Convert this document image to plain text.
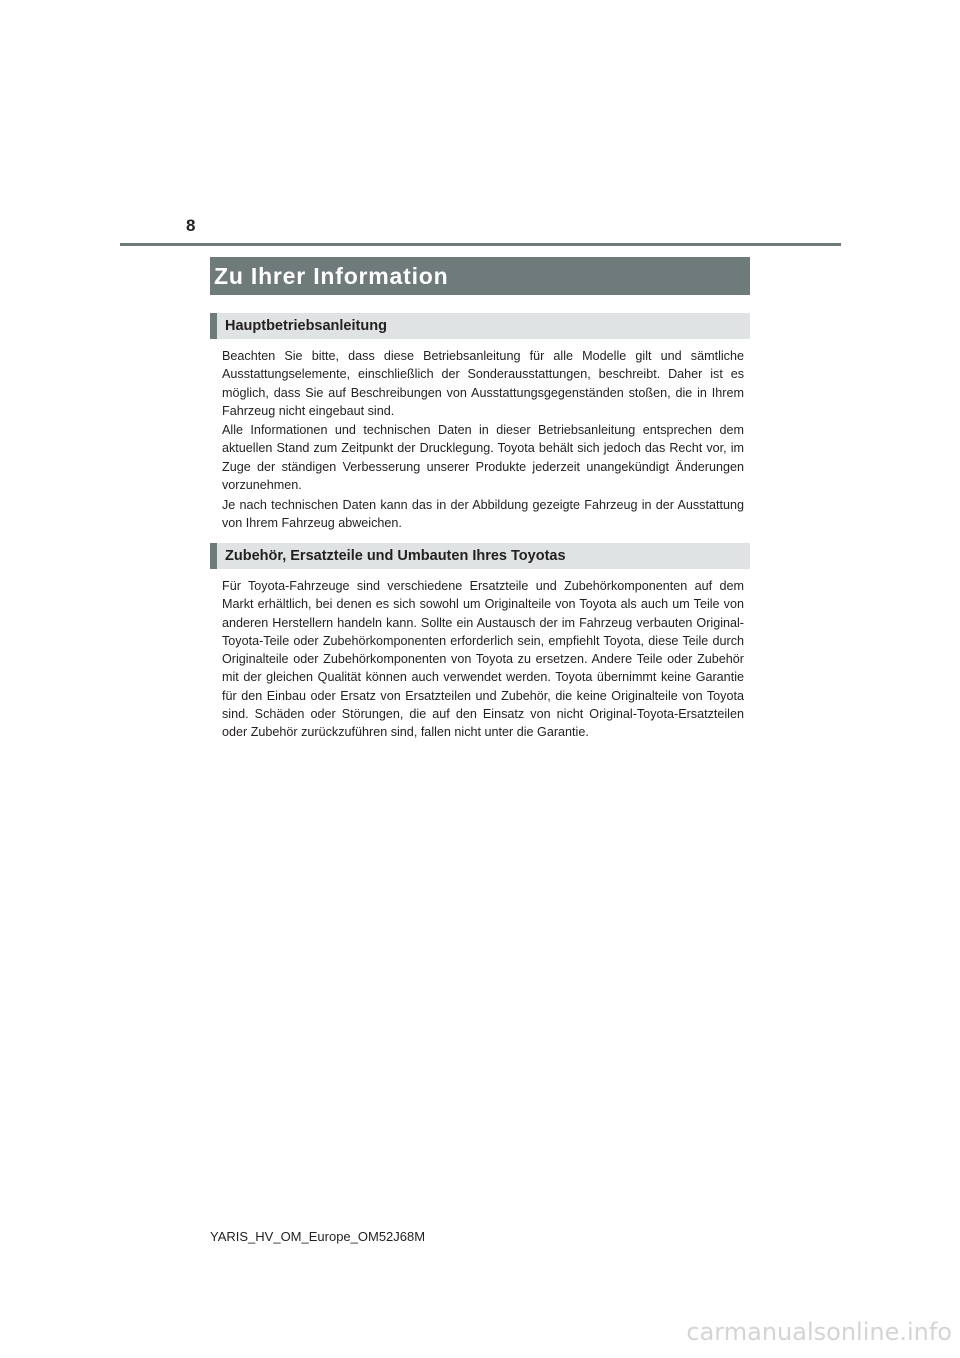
8
Zu Ihrer Information
Hauptbetriebsanleitung

Beachten Sie bitte, dass diese Betriebsanleitung für alle Modelle gilt und sämtliche Ausstattungselemente, einschließlich der Sonderausstattungen, beschreibt. Daher ist es möglich, dass Sie auf Beschreibungen von Ausstattungsgegenständen stoßen, die in Ihrem Fahrzeug nicht eingebaut sind.

Alle Informationen und technischen Daten in dieser Betriebsanleitung entsprechen dem aktuellen Stand zum Zeitpunkt der Drucklegung. Toyota behält sich jedoch das Recht vor, im Zuge der ständigen Verbesserung unserer Produkte jederzeit unangekündigt Änderungen vorzunehmen.

Je nach technischen Daten kann das in der Abbildung gezeigte Fahrzeug in der Ausstattung von Ihrem Fahrzeug abweichen.

Zubehör, Ersatzteile und Umbauten Ihres Toyotas

Für Toyota-Fahrzeuge sind verschiedene Ersatzteile und Zubehörkomponenten auf dem Markt erhältlich, bei denen es sich sowohl um Originalteile von Toyota als auch um Teile von anderen Herstellern handeln kann. Sollte ein Austausch der im Fahrzeug verbauten Original-Toyota-Teile oder Zubehörkomponenten erforderlich sein, empfiehlt Toyota, diese Teile durch Originalteile oder Zubehörkomponenten von Toyota zu ersetzen. Andere Teile oder Zubehör mit der gleichen Qualität können auch verwendet werden. Toyota übernimmt keine Garantie für den Einbau oder Ersatz von Ersatzteilen und Zubehör, die keine Originalteile von Toyota sind. Schäden oder Störungen, die auf den Einsatz von nicht Original-Toyota-Ersatzteilen oder Zubehör zurückzuführen sind, fallen nicht unter die Garantie.

YARIS_HV_OM_Europe_OM52J68M
carmanualsonline.info
